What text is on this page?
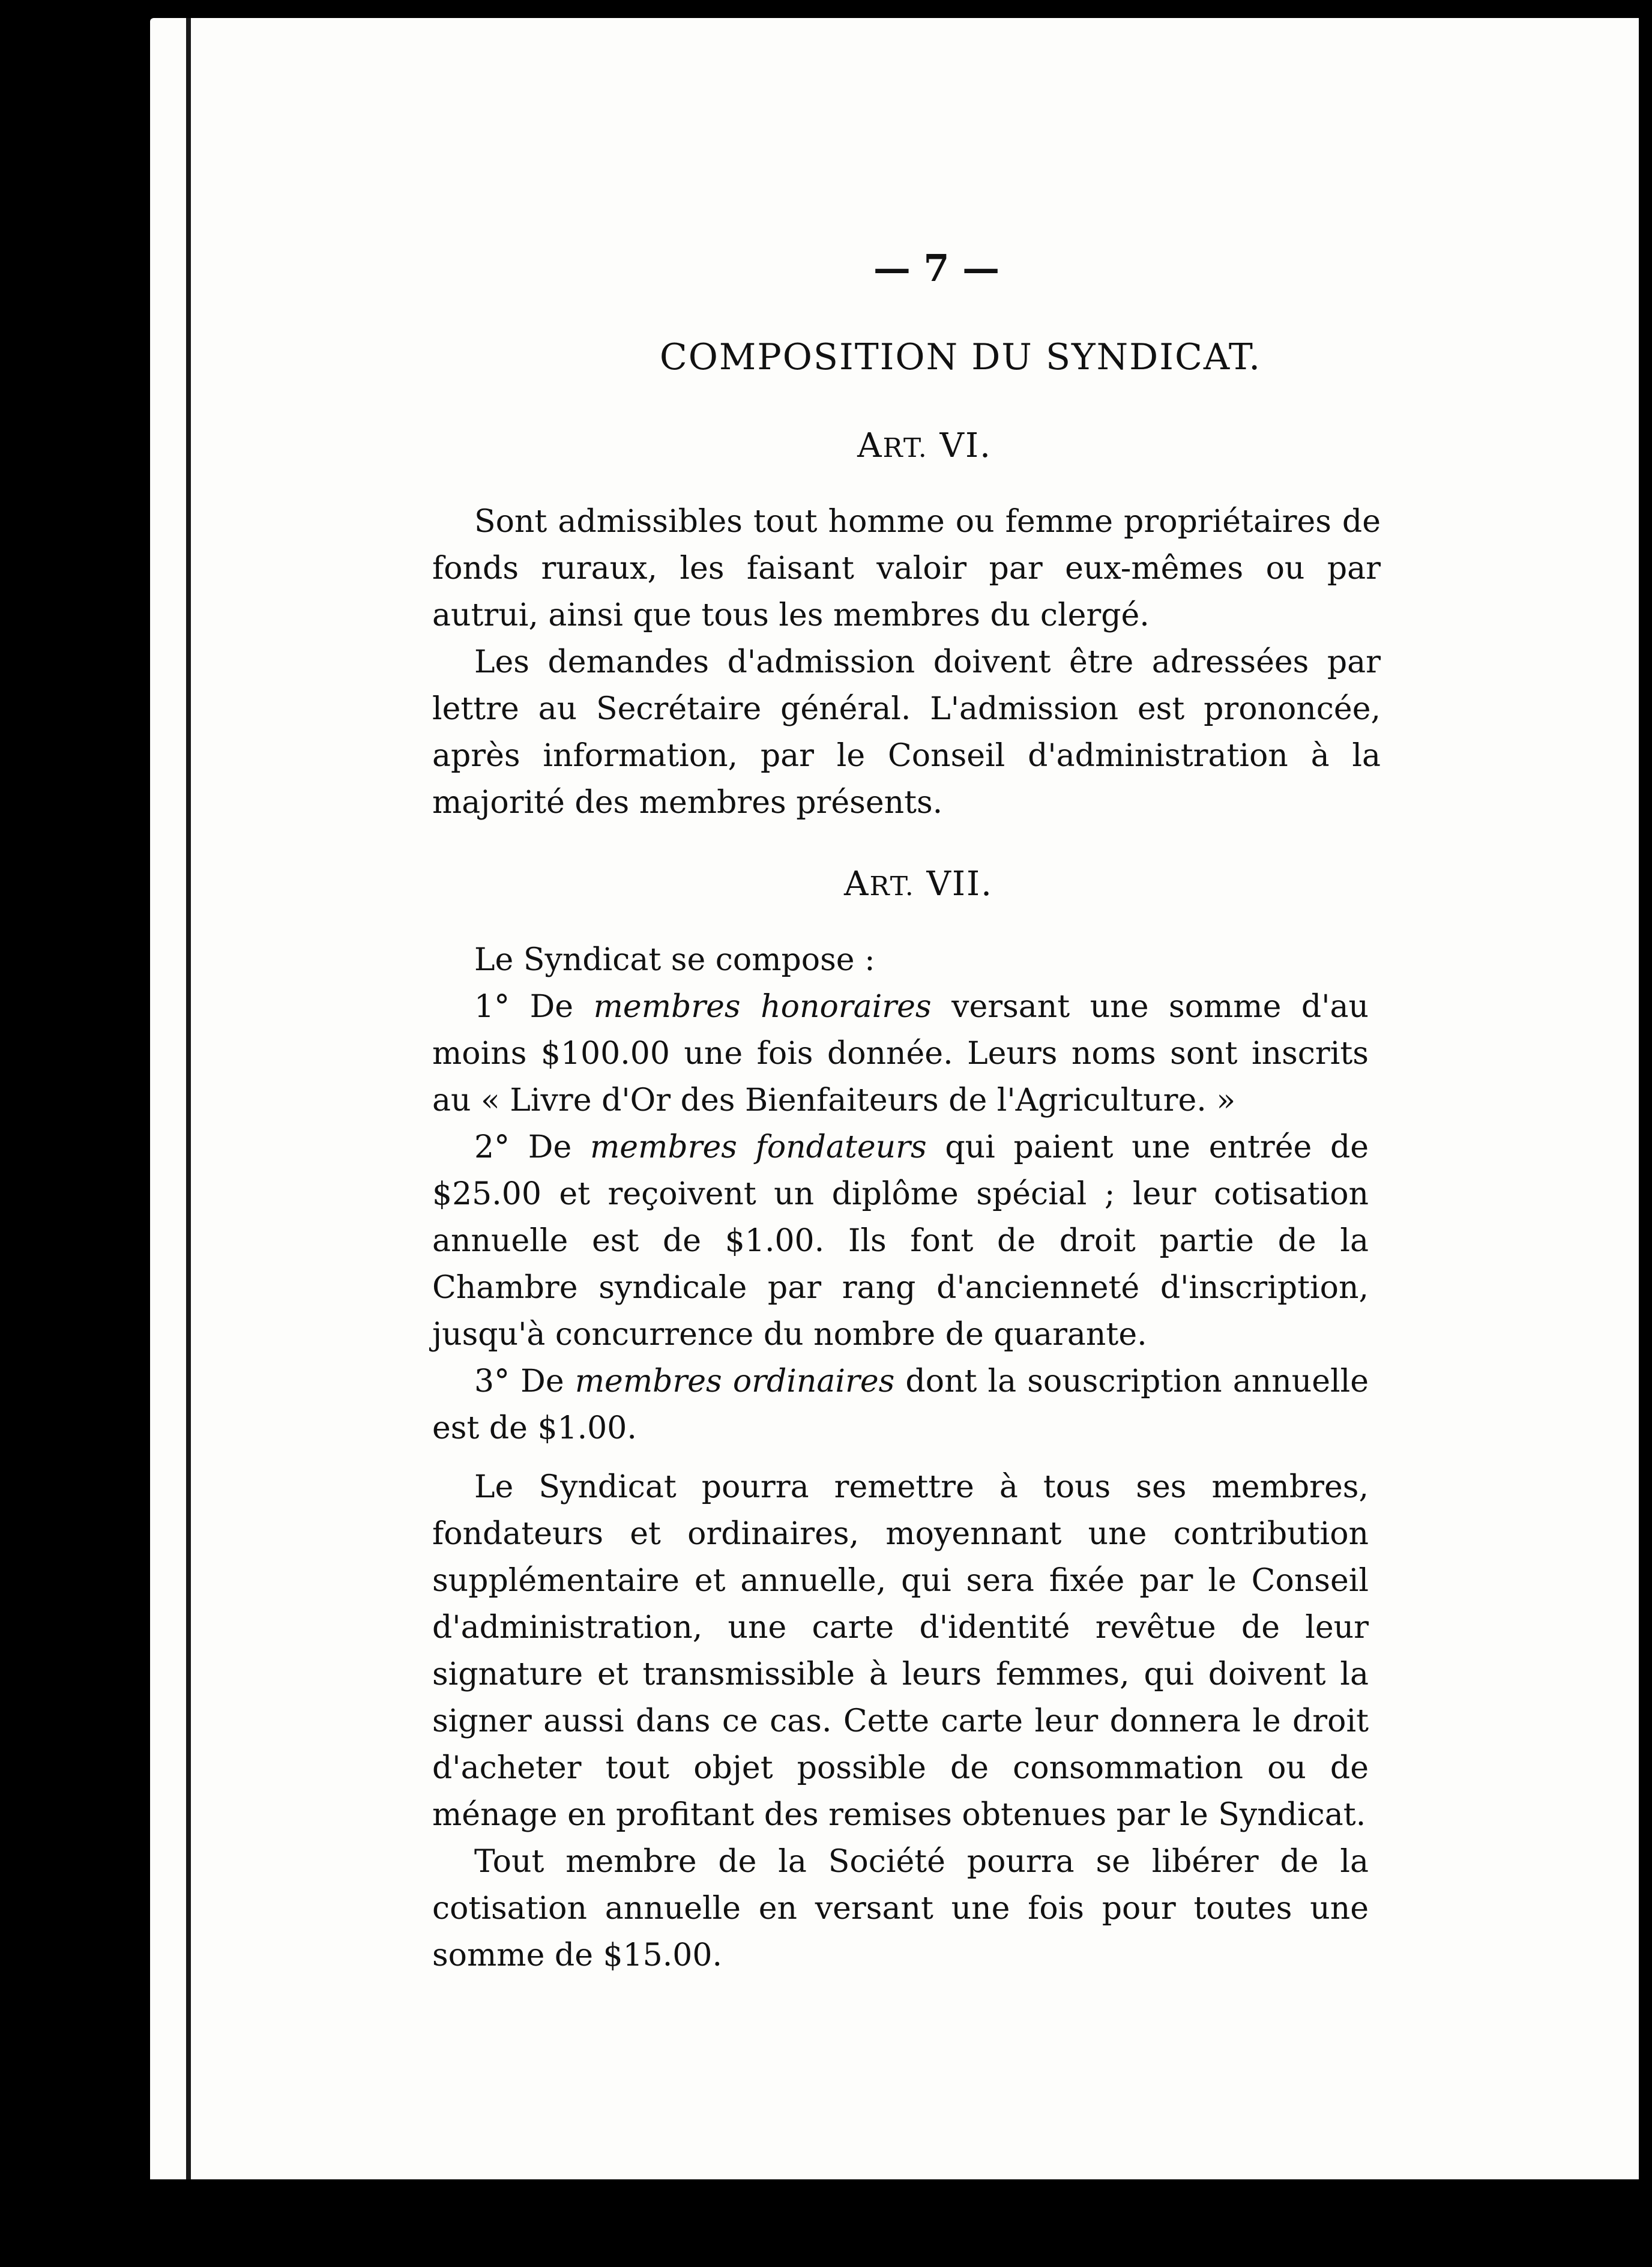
— 7 —
COMPOSITION DU SYNDICAT.
ART. VI.

Sont admissibles tout homme ou femme propriétaires de fonds ruraux, les faisant valoir par eux-mêmes ou par autrui, ainsi que tous les membres du clergé.

Les demandes d'admission doivent être adressées par lettre au Secrétaire général. L'admission est prononcée, après information, par le Conseil d'administration à la majorité des membres présents.

ART. VII.

Le Syndicat se compose :

1° De membres honoraires versant une somme d'au moins $100.00 une fois donnée. Leurs noms sont inscrits au « Livre d'Or des Bienfaiteurs de l'Agriculture. »

2° De membres fondateurs qui paient une entrée de $25.00 et reçoivent un diplôme spécial ; leur cotisation annuelle est de $1.00. Ils font de droit partie de la Chambre syndicale par rang d'ancienneté d'inscription, jusqu'à concurrence du nombre de quarante.

3° De membres ordinaires dont la souscription annuelle est de $1.00.

Le Syndicat pourra remettre à tous ses membres, fondateurs et ordinaires, moyennant une contribution supplémentaire et annuelle, qui sera fixée par le Conseil d'administration, une carte d'identité revêtue de leur signature et transmissible à leurs femmes, qui doivent la signer aussi dans ce cas. Cette carte leur donnera le droit d'acheter tout objet possible de consommation ou de ménage en profitant des remises obtenues par le Syndicat.

Tout membre de la Société pourra se libérer de la cotisation annuelle en versant une fois pour toutes une somme de $15.00.
